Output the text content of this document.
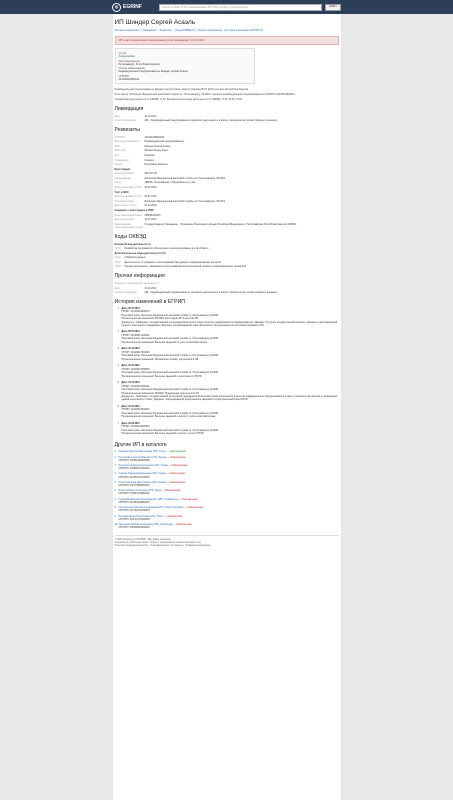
◎ EGRINF	Поиск по ИНН, ОГРН, наименованию ИП и ЮЛ, адресу и руководителю	Найти
ИП Шиндер Сергей Асаэль
Краткая информация | Ликвидация | Реквизиты | Коды ОКВЭД (3) | Прочая информация | История изменений в ЕГРИП (7)
ИП в настоящее время ликвидирован (дата ликвидации: 31.10.2013)
Статус:
Ликвидирован
Местонахождение:
Петрозаводск, Республика Карелия
Полное наименование:
Индивидуальный предприниматель Шиндер Сергей Асаэль
ОГРНИП:
313100118600014

Индивидуальный предприниматель Шиндер Сергей Асаэль зарегистрирован 05.07.2013 в регионе Республика Карелия.

Регистратор "Инспекция Федеральной налоговой службы по г.Петрозаводску, 49-0001" присвоил индивидуальному предпринимателю ОГРНИП 313100118600014.

Основной вид деятельности по ОКВЭД: 72.30. Дополнительные виды деятельности по ОКВЭД: 72.30, 72.40, 72.60.

Ликвидация
Дата	31.10.2013
Способ ликвидации	201 - Индивидуальный предприниматель прекратил деятельность в связи с принятием им соответствующего решения
Реквизиты
ОГРНИП	313100118600014
Вид предпринимателя	Индивидуальный предприниматель
ФИО	Шиндер Сергей Асаэль
ФИО (лат)	Shinder Sergey Asael
Пол	Мужской
Гражданство	Израиль
Регион	Республика Карелия
Регистрация
Дата регистрации	2013-07-05
Наименование	Инспекция Федеральной налоговой службы по г.Петрозаводску, 49-0001
Адрес	185035, Петрозаводск г, Московская ул, д.12а
Дата регистрации ОГРН	05.07.2013
Учёт в ФНС
Дата постановки на учёт	05.07.2013
Налоговый орган	Инспекция Федеральной налоговой службы по г.Петрозаводску, 49-0001
Дата снятия с учёта	31.10.2013
Сведения о регистрации в ПФР
Регистрационный номер	008001024679
Дата регистрации	12.07.2013
Наименование территориального органа
Государственное Учреждение - Управление Пенсионного фонда Российской Федерации в г.Петрозаводске Республики Карелия, 008001
Коды ОКВЭД
Основной вид деятельности
72.20	Разработка программного обеспечения и консультирование в этой области
Дополнительные виды деятельности (3)
72.30	Обработка данных
72.40	Деятельность по созданию и использованию баз данных и информационных ресурсов
72.60	Прочая деятельность, связанная с использованием вычислительной техники и информационных технологий
Прочая информация
Сведения о прекращении деятельности
Дата	31.10.2013
Способ ликвидации	201 - Индивидуальный предприниматель прекратил деятельность в связи с принятием им соответствующего решения
История изменений в ЕГРИП
1. Дата: 05.07.2013
ГРНИП: 313100118600014
Налоговый орган: Инспекция Федеральной налоговой службы по г.Петрозаводску, 49-0001
Причина внесения изменений: (P21001) Регистрация ИП в качестве ИП
Документы: • Заявление о государственной регистрации физического лица в качестве индивидуального предпринимателя • Документ об уплате государственной пошлины • Документ, удостоверяющий личность иностранного гражданина • Документ, подтверждающий право физического лица временно или постоянно проживать в РФ
2. Дата: 05.07.2013
ГРНИП: 413100117101621
Налоговый орган: Инспекция Федеральной налоговой службы по г.Петрозаводску, 49-0001
Причина внесения изменений: Внесение сведений об учете в налоговом органе
3. Дата: 15.10.2013
ГРНИП: 413100117043445
Налоговый орган: Инспекция Федеральной налоговой службы по г.Петрозаводску, 49-0001
Причина внесения изменений: Исправление ошибки, допущенной в ПФ
4. Дата: 16.10.2013
ГРНИП: 413100117065083
Налоговый орган: Инспекция Федеральной налоговой службы по г.Петрозаводску, 49-0001
Причина внесения изменений: Внесение сведений о регистрации в ПФ РФ
5. Дата: 31.10.2013
ГРНИП: 413100118603112
Налоговый орган: Инспекция Федеральной налоговой службы по г.Петрозаводску, 49-0001
Причина внесения изменений: (P26001) Прекращение деятельности ИП
Документы: • Заявление о государственной регистрации прекращения физическим лицом деятельности в качестве индивидуального предпринимателя в связи с принятием им решения о прекращении данной деятельности • Иное • Документ, подтверждающий представление сведений в территориальный орган ПФ РФ
6. Дата: 31.10.2013
ГРНИП: 413100118604940
Налоговый орган: Инспекция Федеральной налоговой службы по г.Петрозаводску, 49-0001
Причина внесения изменений: Внесение сведений о снятии с учета в налоговом органе
7. Дата: 18.02.2014
ГРНИП: 414100100006531
Налоговый орган: Инспекция Федеральной налоговой службы по г.Петрозаводску, 49-0001
Причина внесения изменений: Внесение сведений о снятии с учета в ПФ РФ
Другие ИП в каталоге
1. Малаева Наталья Викторовна (ИП), Сургут — Действующий
2. Нестерова Алексей Иванович (ИП), Курган — Ликвидирован
ОГРНИП: 304450106000269
3. Пушилин Людмила Алексеевна (ИП), Пермь — Ликвидирован
ОГРНИП: 304590414400024
4. Семёна Надежда Евгеньевна (ИП), Курган — Ликвидирован
ОГРНИП: 310450123700016
5. Болотская Анна Дмитриевна (ИП), Москва — Ликвидирован
ОГРНИП: 304770808500213
6. Болотов Борис Сергеевич (ИП), Тверь — Ликвидирован
ОГРНИП: 307691178800046
7. Гусейнова Евгений Александрович (ИП), Ставрополь — Ликвидирован
ОГРНИП: 312265136800022
8. Колесникова Анастасия Андреевна (ИП), Санкт-Петербург — Ликвидирован
ОГРНИП: 307784702600576
9. Леонова Ирина Николаевна (ИП), Томск — Ликвидирован
ОГРНИП: 304701703200085
10. Тарнецкая Любовь Алексеевна (ИП), Краснодар — Ликвидирован
ОГРНИП: 305230926800015
© 2020, Вопросы по ЕГРИНФ · Все права защищены
Подписка на обновления сайта · Список с информацией административных лиц
Политика конфиденциальности · Пользовательское соглашение · Правовая информация
